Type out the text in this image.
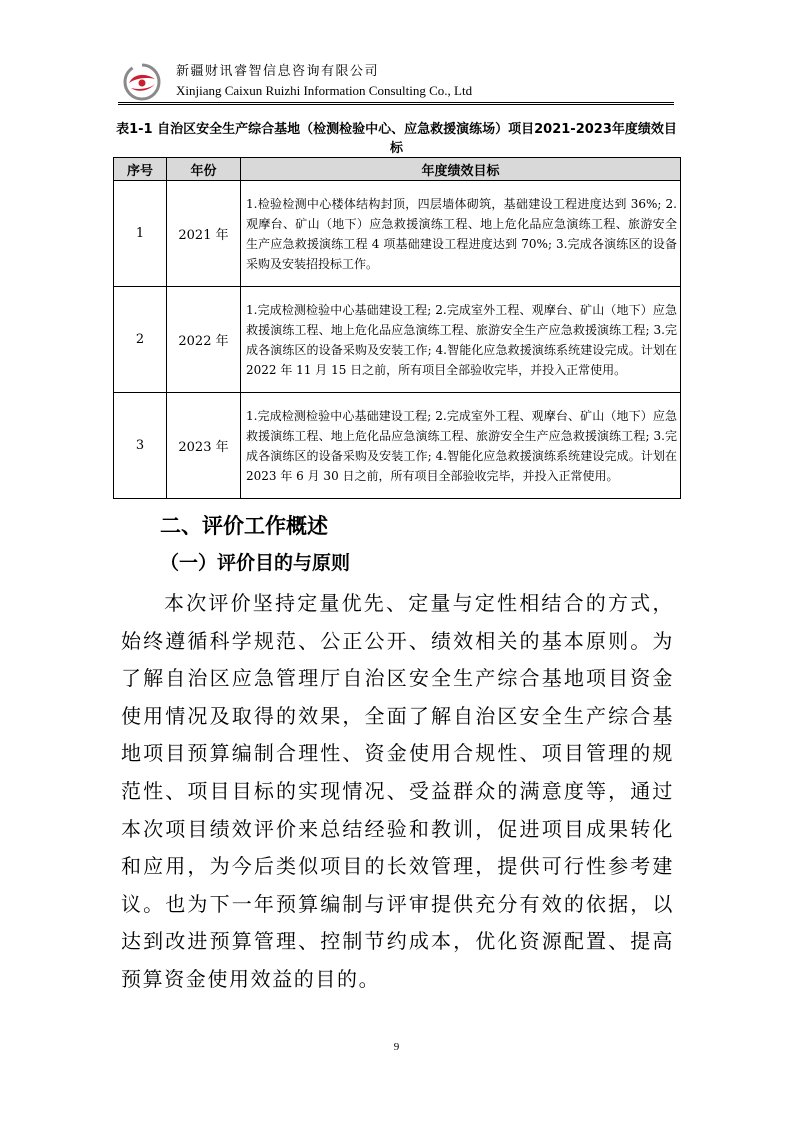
新疆财讯睿智信息咨询有限公司
Xinjiang Caixun Ruizhi Information Consulting Co., Ltd
表1-1 自治区安全生产综合基地（检测检验中心、应急救援演练场）项目2021-2023年度绩效目标
序号	年份	年度绩效目标
1	2021 年	1.检验检测中心楼体结构封顶，四层墙体砌筑，基础建设工程进度达到 36%; 2.观摩台、矿山（地下）应急救援演练工程、地上危化品应急演练工程、旅游安全生产应急救援演练工程 4 项基础建设工程进度达到 70%; 3.完成各演练区的设备采购及安装招投标工作。
2	2022 年	1.完成检测检验中心基础建设工程; 2.完成室外工程、观摩台、矿山（地下）应急救援演练工程、地上危化品应急演练工程、旅游安全生产应急救援演练工程; 3.完成各演练区的设备采购及安装工作; 4.智能化应急救援演练系统建设完成。计划在 2022 年 11 月 15 日之前，所有项目全部验收完毕，并投入正常使用。
3	2023 年	1.完成检测检验中心基础建设工程; 2.完成室外工程、观摩台、矿山（地下）应急救援演练工程、地上危化品应急演练工程、旅游安全生产应急救援演练工程; 3.完成各演练区的设备采购及安装工作; 4.智能化应急救援演练系统建设完成。计划在 2023 年 6 月 30 日之前，所有项目全部验收完毕，并投入正常使用。
二、评价工作概述
（一）评价目的与原则
本次评价坚持定量优先、定量与定性相结合的方式，始终遵循科学规范、公正公开、绩效相关的基本原则。为了解自治区应急管理厅自治区安全生产综合基地项目资金使用情况及取得的效果，全面了解自治区安全生产综合基地项目预算编制合理性、资金使用合规性、项目管理的规范性、项目目标的实现情况、受益群众的满意度等，通过本次项目绩效评价来总结经验和教训，促进项目成果转化和应用，为今后类似项目的长效管理，提供可行性参考建议。也为下一年预算编制与评审提供充分有效的依据，以达到改进预算管理、控制节约成本，优化资源配置、提高预算资金使用效益的目的。
9
